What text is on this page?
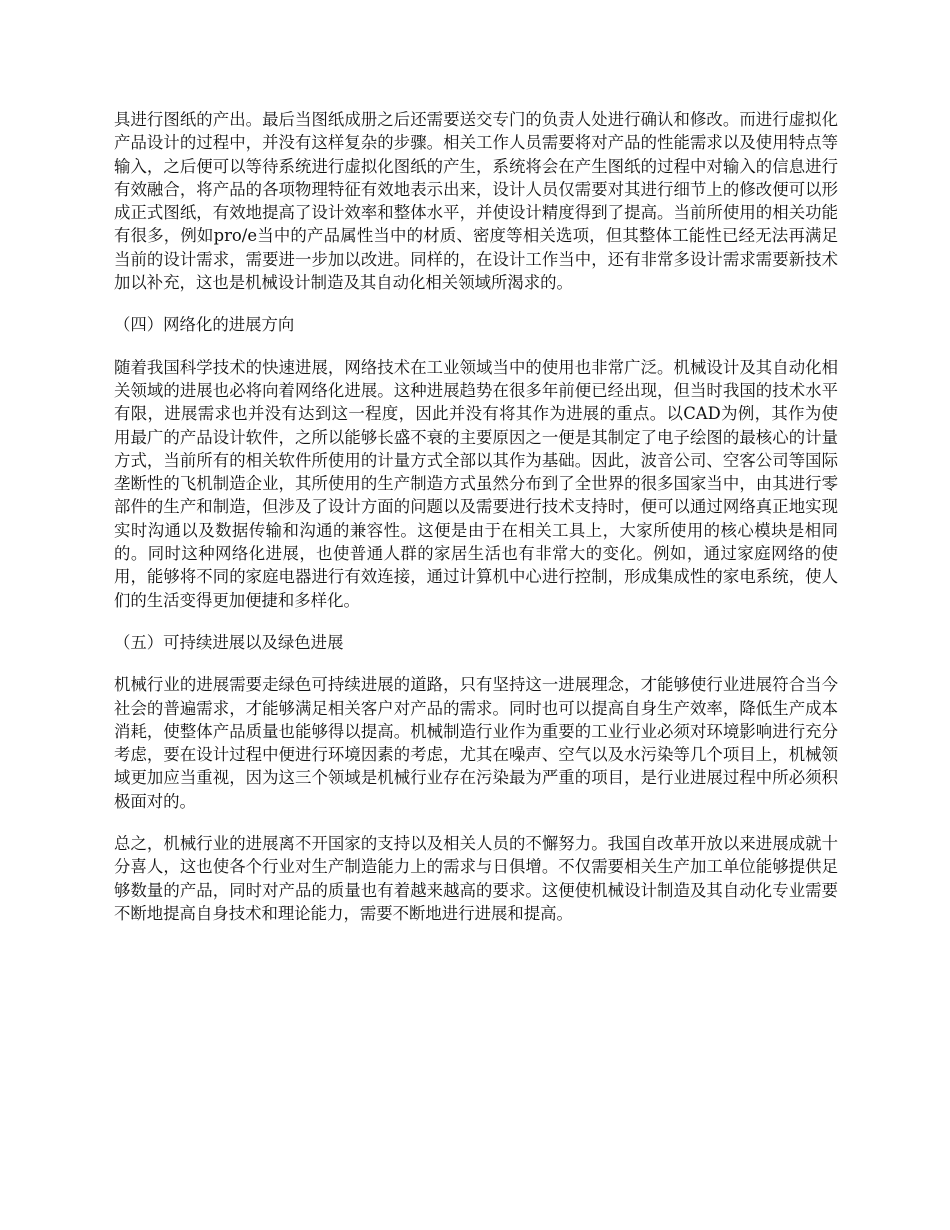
具进行图纸的产出。最后当图纸成册之后还需要送交专门的负责人处进行确认和修改。而进行虚拟化产品设计的过程中，并没有这样复杂的步骤。相关工作人员需要将对产品的性能需求以及使用特点等输入，之后便可以等待系统进行虚拟化图纸的产生，系统将会在产生图纸的过程中对输入的信息进行有效融合，将产品的各项物理特征有效地表示出来，设计人员仅需要对其进行细节上的修改便可以形成正式图纸，有效地提高了设计效率和整体水平，并使设计精度得到了提高。当前所使用的相关功能有很多，例如pro/e当中的产品属性当中的材质、密度等相关选项，但其整体工能性已经无法再满足当前的设计需求，需要进一步加以改进。同样的，在设计工作当中，还有非常多设计需求需要新技术加以补充，这也是机械设计制造及其自动化相关领域所渴求的。

（四）网络化的进展方向

随着我国科学技术的快速进展，网络技术在工业领域当中的使用也非常广泛。机械设计及其自动化相关领域的进展也必将向着网络化进展。这种进展趋势在很多年前便已经出现，但当时我国的技术水平有限，进展需求也并没有达到这一程度，因此并没有将其作为进展的重点。以CAD为例，其作为使用最广的产品设计软件，之所以能够长盛不衰的主要原因之一便是其制定了电子绘图的最核心的计量方式，当前所有的相关软件所使用的计量方式全部以其作为基础。因此，波音公司、空客公司等国际垄断性的飞机制造企业，其所使用的生产制造方式虽然分布到了全世界的很多国家当中，由其进行零部件的生产和制造，但涉及了设计方面的问题以及需要进行技术支持时，便可以通过网络真正地实现实时沟通以及数据传输和沟通的兼容性。这便是由于在相关工具上，大家所使用的核心模块是相同的。同时这种网络化进展，也使普通人群的家居生活也有非常大的变化。例如，通过家庭网络的使用，能够将不同的家庭电器进行有效连接，通过计算机中心进行控制，形成集成性的家电系统，使人们的生活变得更加便捷和多样化。

（五）可持续进展以及绿色进展

机械行业的进展需要走绿色可持续进展的道路，只有坚持这一进展理念，才能够使行业进展符合当今社会的普遍需求，才能够满足相关客户对产品的需求。同时也可以提高自身生产效率，降低生产成本消耗，使整体产品质量也能够得以提高。机械制造行业作为重要的工业行业必须对环境影响进行充分考虑，要在设计过程中便进行环境因素的考虑，尤其在噪声、空气以及水污染等几个项目上，机械领域更加应当重视，因为这三个领域是机械行业存在污染最为严重的项目，是行业进展过程中所必须积极面对的。

总之，机械行业的进展离不开国家的支持以及相关人员的不懈努力。我国自改革开放以来进展成就十分喜人，这也使各个行业对生产制造能力上的需求与日俱增。不仅需要相关生产加工单位能够提供足够数量的产品，同时对产品的质量也有着越来越高的要求。这便使机械设计制造及其自动化专业需要不断地提高自身技术和理论能力，需要不断地进行进展和提高。
